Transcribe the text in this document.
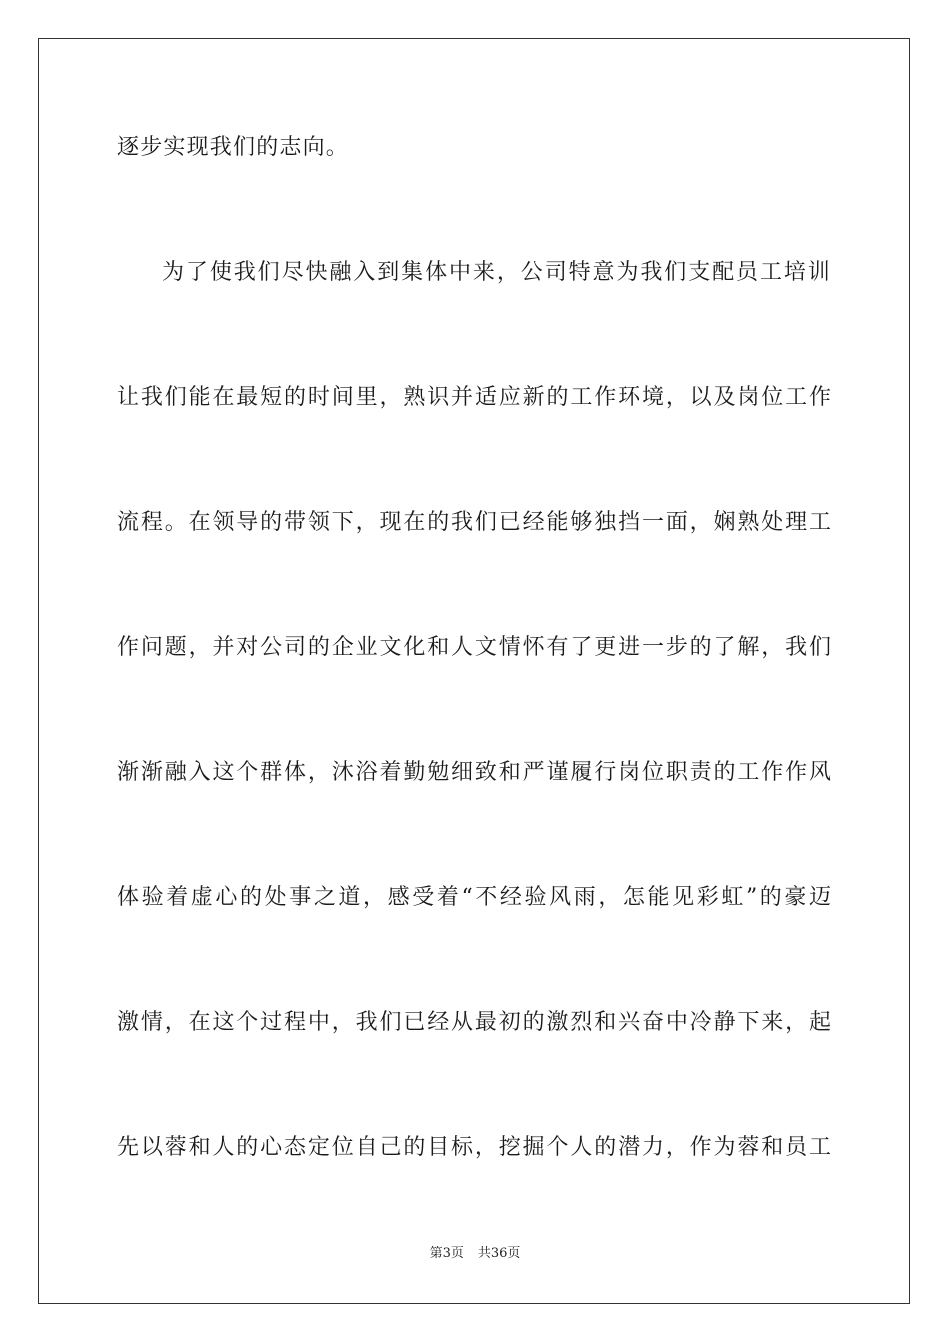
逐步实现我们的志向。
为了使我们尽快融入到集体中来，公司特意为我们支配员工培训
让我们能在最短的时间里，熟识并适应新的工作环境，以及岗位工作
流程。在领导的带领下，现在的我们已经能够独挡一面，娴熟处理工
作问题，并对公司的企业文化和人文情怀有了更进一步的了解，我们
渐渐融入这个群体，沐浴着勤勉细致和严谨履行岗位职责的工作作风
体验着虚心的处事之道，感受着“不经验风雨，怎能见彩虹”的豪迈
激情，在这个过程中，我们已经从最初的激烈和兴奋中冷静下来，起
先以蓉和人的心态定位自己的目标，挖掘个人的潜力，作为蓉和员工
第3页 共36页
